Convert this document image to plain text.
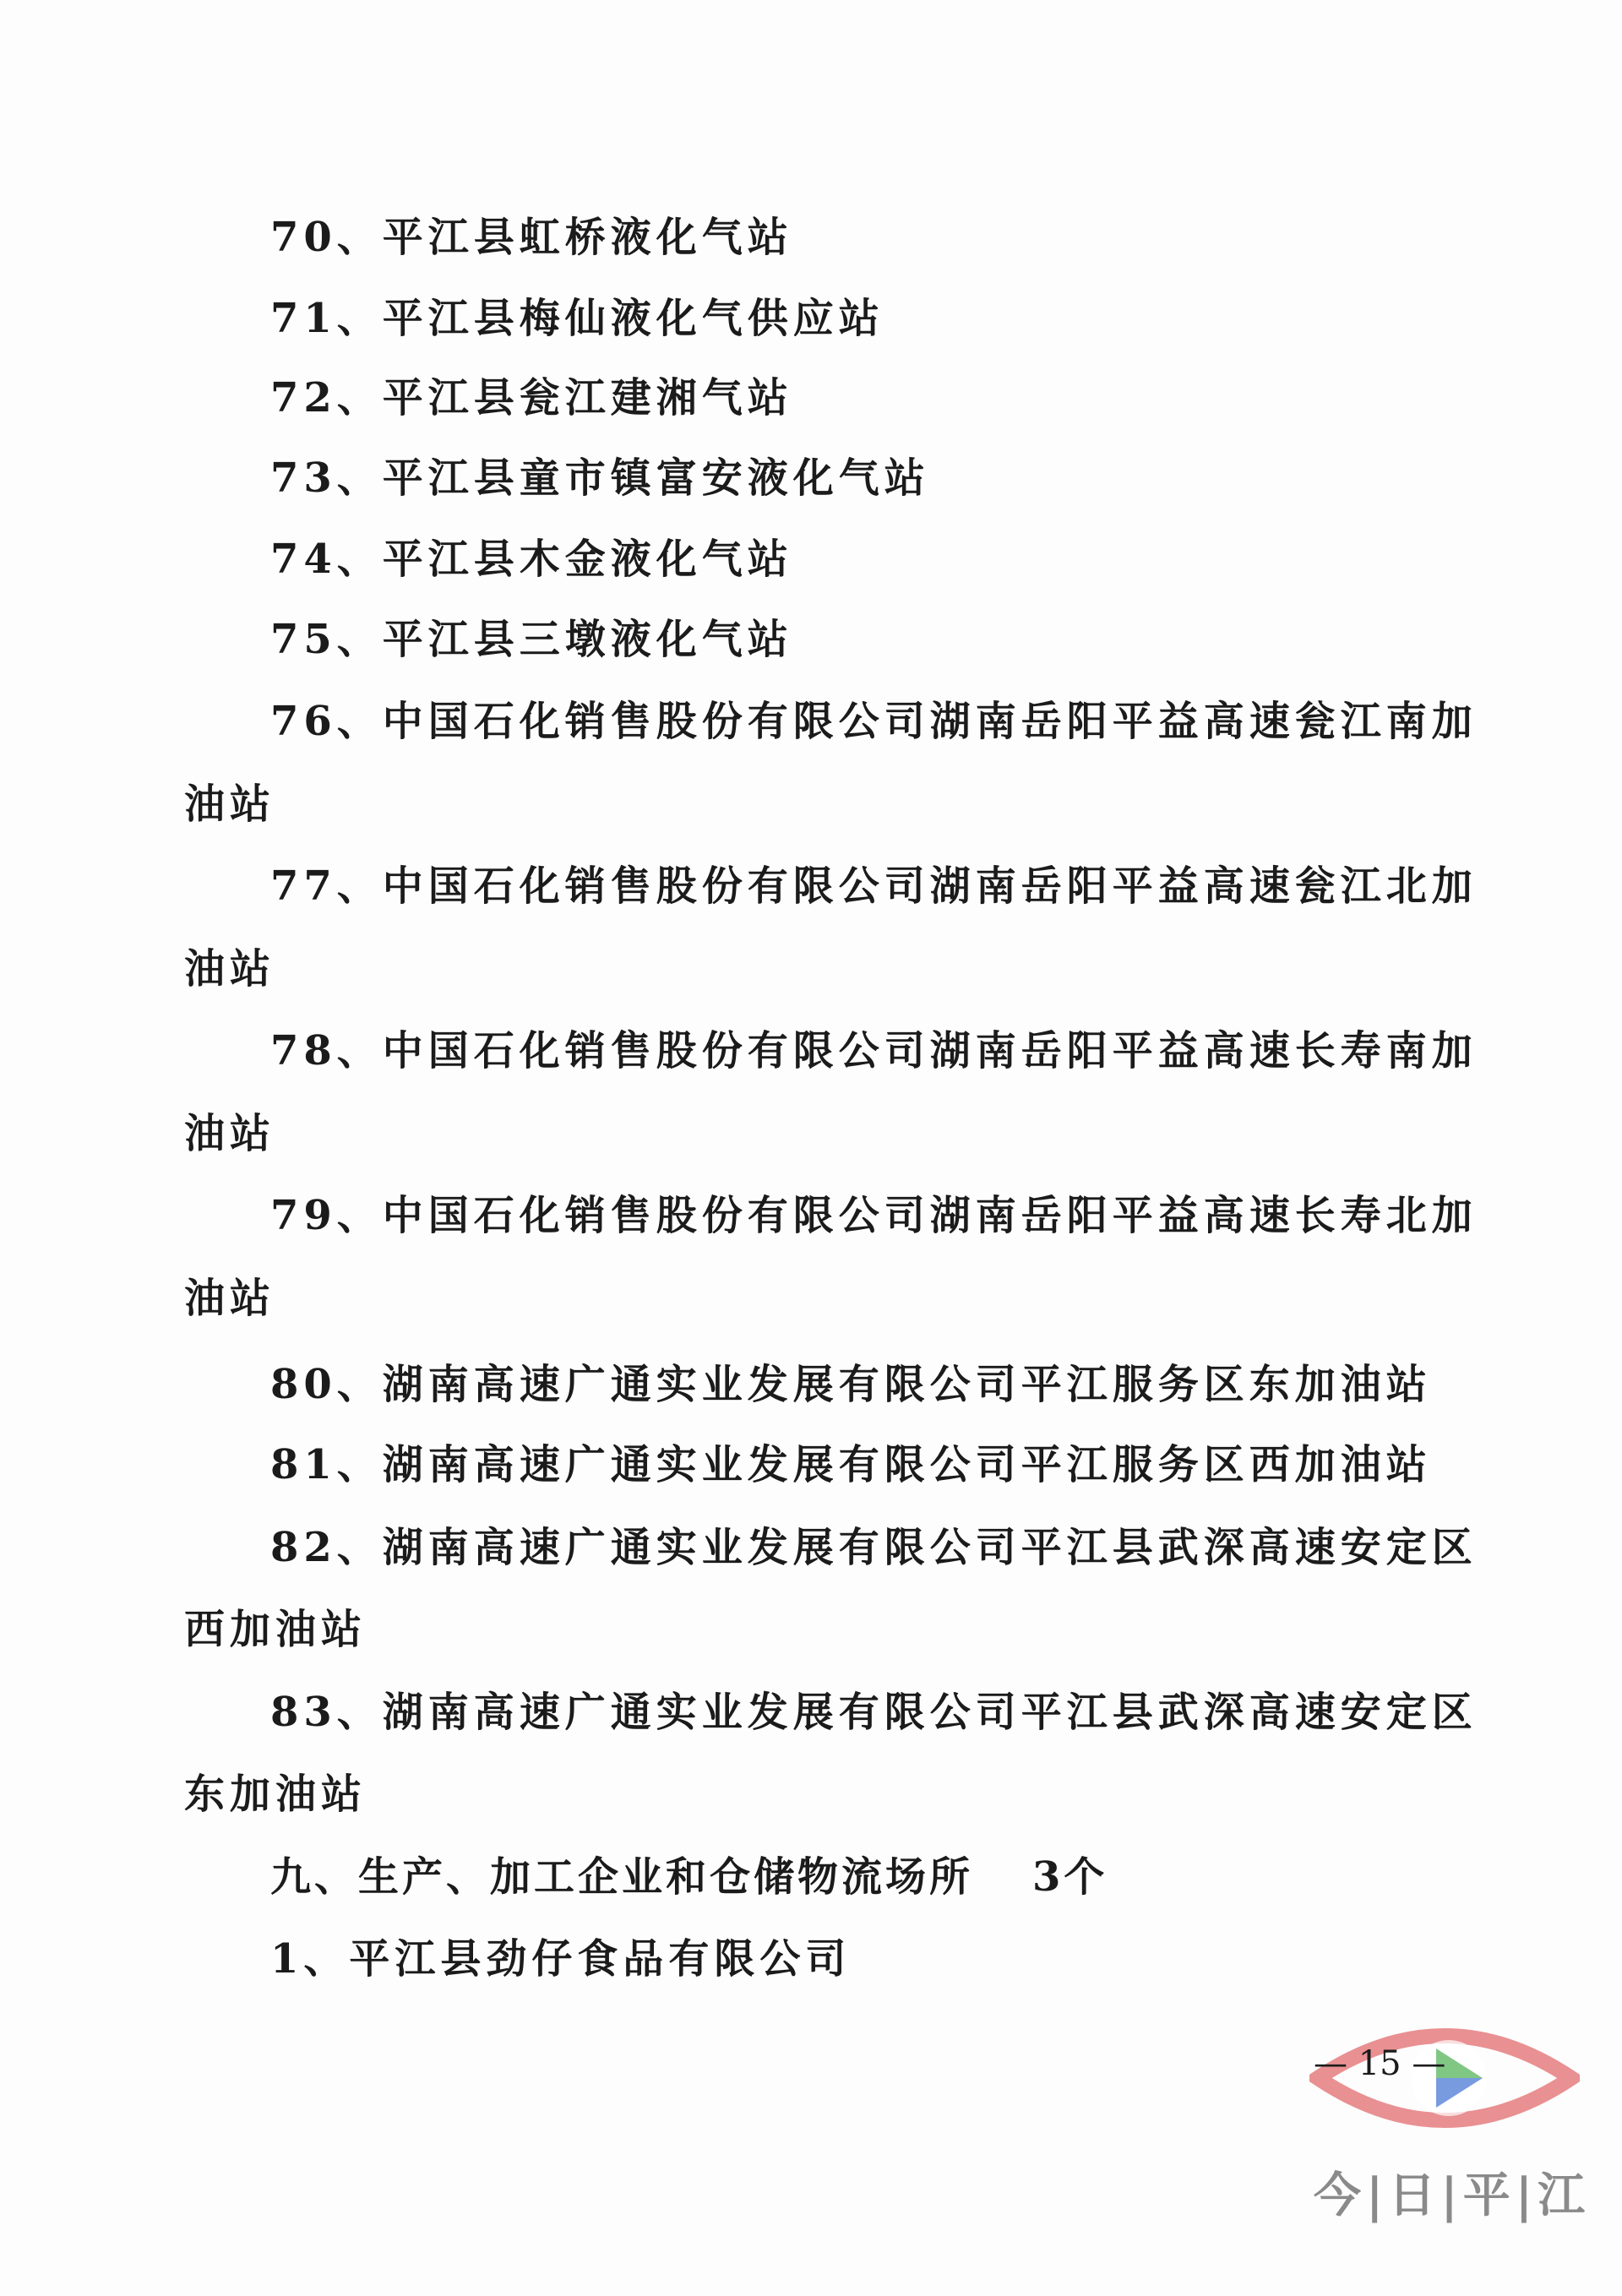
70、平江县虹桥液化气站
71、平江县梅仙液化气供应站
72、平江县瓮江建湘气站
73、平江县童市镇富安液化气站
74、平江县木金液化气站
75、平江县三墩液化气站
76、中国石化销售股份有限公司湖南岳阳平益高速瓮江南加
油站
77、中国石化销售股份有限公司湖南岳阳平益高速瓮江北加
油站
78、中国石化销售股份有限公司湖南岳阳平益高速长寿南加
油站
79、中国石化销售股份有限公司湖南岳阳平益高速长寿北加
油站
80、湖南高速广通实业发展有限公司平江服务区东加油站
81、湖南高速广通实业发展有限公司平江服务区西加油站
82、湖南高速广通实业发展有限公司平江县武深高速安定区
西加油站
83、湖南高速广通实业发展有限公司平江县武深高速安定区
东加油站
九、生产、加工企业和仓储物流场所 3个
1、平江县劲仔食品有限公司
— 15 —
今|日|平|江
